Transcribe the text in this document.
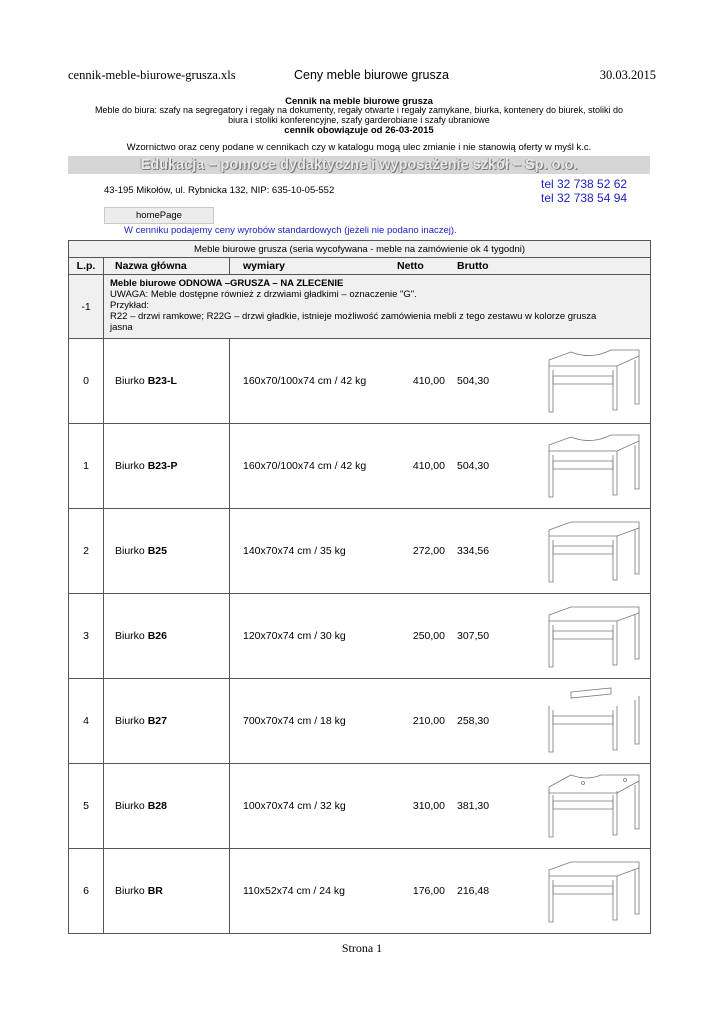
cennik-meble-biurowe-grusza.xls	Ceny meble biurowe grusza	30.03.2015
Cennik na meble biurowe grusza
Meble do biura: szafy na segregatory i regały na dokumenty, regały otwarte i regały zamykane, biurka, kontenery do biurek, stoliki do
biura i stoliki konferencyjne, szafy garderobiane i szafy ubraniowe
cennik obowiązuje od 26-03-2015
Wzornictwo oraz ceny podane w cennikach czy w katalogu mogą ulec zmianie i nie stanowią oferty w myśl k.c.
Edukacja – pomoce dydaktyczne i wyposażenie szkół – Sp. o.o.
43-195 Mikołów, ul. Rybnicka 132, NIP: 635-10-05-552	tel 32 738 52 62
tel 32 738 54 94
homePage
W cenniku podajemy ceny wyrobów standardowych (jeżeli nie podano inaczej).
Meble biurowe grusza (seria wycofywana - meble na zamówienie ok 4 tygodni)					
L.p.	Nazwa główna	wymiary	Netto	Brutto	
-1	Meble biurowe ODNOWA –GRUSZA – NA ZLECENIE
UWAGA: Meble dostępne również z drzwiami gładkimi – oznaczenie "G".
Przykład:
R22 – drzwi ramkowe; R22G – drzwi gładkie, istnieje możliwość zamówienia mebli z tego zestawu w kolorze grusza
jasna				

0	Biurko B23-L	160x70/100x74 cm / 42 kg	410,00	504,30	

1	Biurko B23-P	160x70/100x74 cm / 42 kg	410,00	504,30	

2	Biurko B25	140x70x74 cm / 35 kg	272,00	334,56	

3	Biurko B26	120x70x74 cm / 30 kg	250,00	307,50	

4	Biurko B27	700x70x74 cm / 18 kg	210,00	258,30	

5	Biurko B28	100x70x74 cm / 32 kg	310,00	381,30	

6	Biurko BR	110x52x74 cm / 24 kg	176,00	216,48	
Strona 1
